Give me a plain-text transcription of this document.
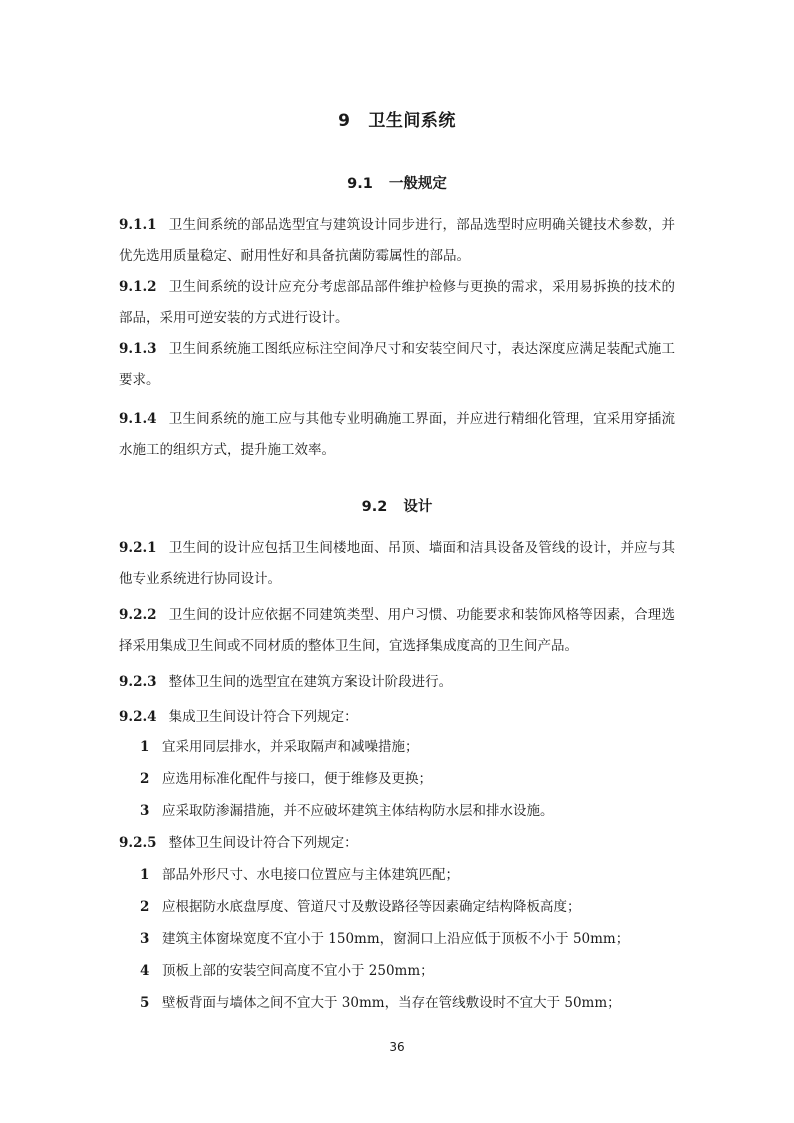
9 卫生间系统
9.1 一般规定
9.1.1 卫生间系统的部品选型宜与建筑设计同步进行，部品选型时应明确关键技术参数，并优先选用质量稳定、耐用性好和具备抗菌防霉属性的部品。
9.1.2 卫生间系统的设计应充分考虑部品部件维护检修与更换的需求，采用易拆换的技术的部品，采用可逆安装的方式进行设计。
9.1.3 卫生间系统施工图纸应标注空间净尺寸和安装空间尺寸，表达深度应满足装配式施工要求。
9.1.4 卫生间系统的施工应与其他专业明确施工界面，并应进行精细化管理，宜采用穿插流水施工的组织方式，提升施工效率。
9.2 设计
9.2.1 卫生间的设计应包括卫生间楼地面、吊顶、墙面和洁具设备及管线的设计，并应与其他专业系统进行协同设计。
9.2.2 卫生间的设计应依据不同建筑类型、用户习惯、功能要求和装饰风格等因素，合理选择采用集成卫生间或不同材质的整体卫生间，宜选择集成度高的卫生间产品。
9.2.3 整体卫生间的选型宜在建筑方案设计阶段进行。
9.2.4 集成卫生间设计符合下列规定：
1 宜采用同层排水，并采取隔声和减噪措施；
2 应选用标准化配件与接口，便于维修及更换；
3 应采取防渗漏措施，并不应破坏建筑主体结构防水层和排水设施。
9.2.5 整体卫生间设计符合下列规定：
1 部品外形尺寸、水电接口位置应与主体建筑匹配；
2 应根据防水底盘厚度、管道尺寸及敷设路径等因素确定结构降板高度；
3 建筑主体窗垛宽度不宜小于 150mm，窗洞口上沿应低于顶板不小于 50mm；
4 顶板上部的安装空间高度不宜小于 250mm；
5 壁板背面与墙体之间不宜大于 30mm，当存在管线敷设时不宜大于 50mm；
36
